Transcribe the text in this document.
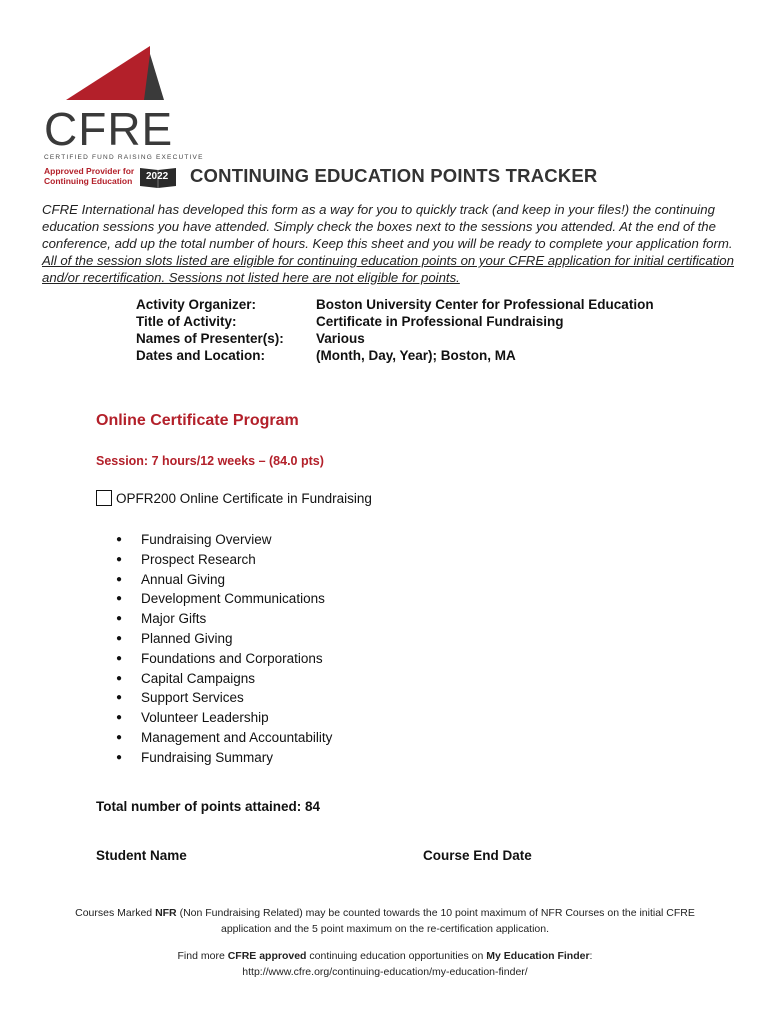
CFRE
CERTIFIED FUND RAISING EXECUTIVE
Approved Provider for
Continuing Education 2022 CONTINUING EDUCATION POINTS TRACKER
CFRE International has developed this form as a way for you to quickly track (and keep in your files!) the continuing education sessions you have attended. Simply check the boxes next to the sessions you attended. At the end of the conference, add up the total number of hours. Keep this sheet and you will be ready to complete your application form. All of the session slots listed are eligible for continuing education points on your CFRE application for initial certification and/or recertification. Sessions not listed here are not eligible for points.
Activity Organizer:	Boston University Center for Professional Education
Title of Activity:	Certificate in Professional Fundraising
Names of Presenter(s):	Various
Dates and Location:	(Month, Day, Year); Boston, MA
Online Certificate Program
Session: 7 hours/12 weeks – (84.0 pts)
OPFR200 Online Certificate in Fundraising
●	Fundraising Overview
●	Prospect Research
●	Annual Giving
●	Development Communications
●	Major Gifts
●	Planned Giving
●	Foundations and Corporations
●	Capital Campaigns
●	Support Services
●	Volunteer Leadership
●	Management and Accountability
●	Fundraising Summary
Total number of points attained: 84
Student Name	Course End Date
Courses Marked NFR (Non Fundraising Related) may be counted towards the 10 point maximum of NFR Courses on the initial CFRE application and the 5 point maximum on the re-certification application.
Find more CFRE approved continuing education opportunities on My Education Finder:
http://www.cfre.org/continuing-education/my-education-finder/
